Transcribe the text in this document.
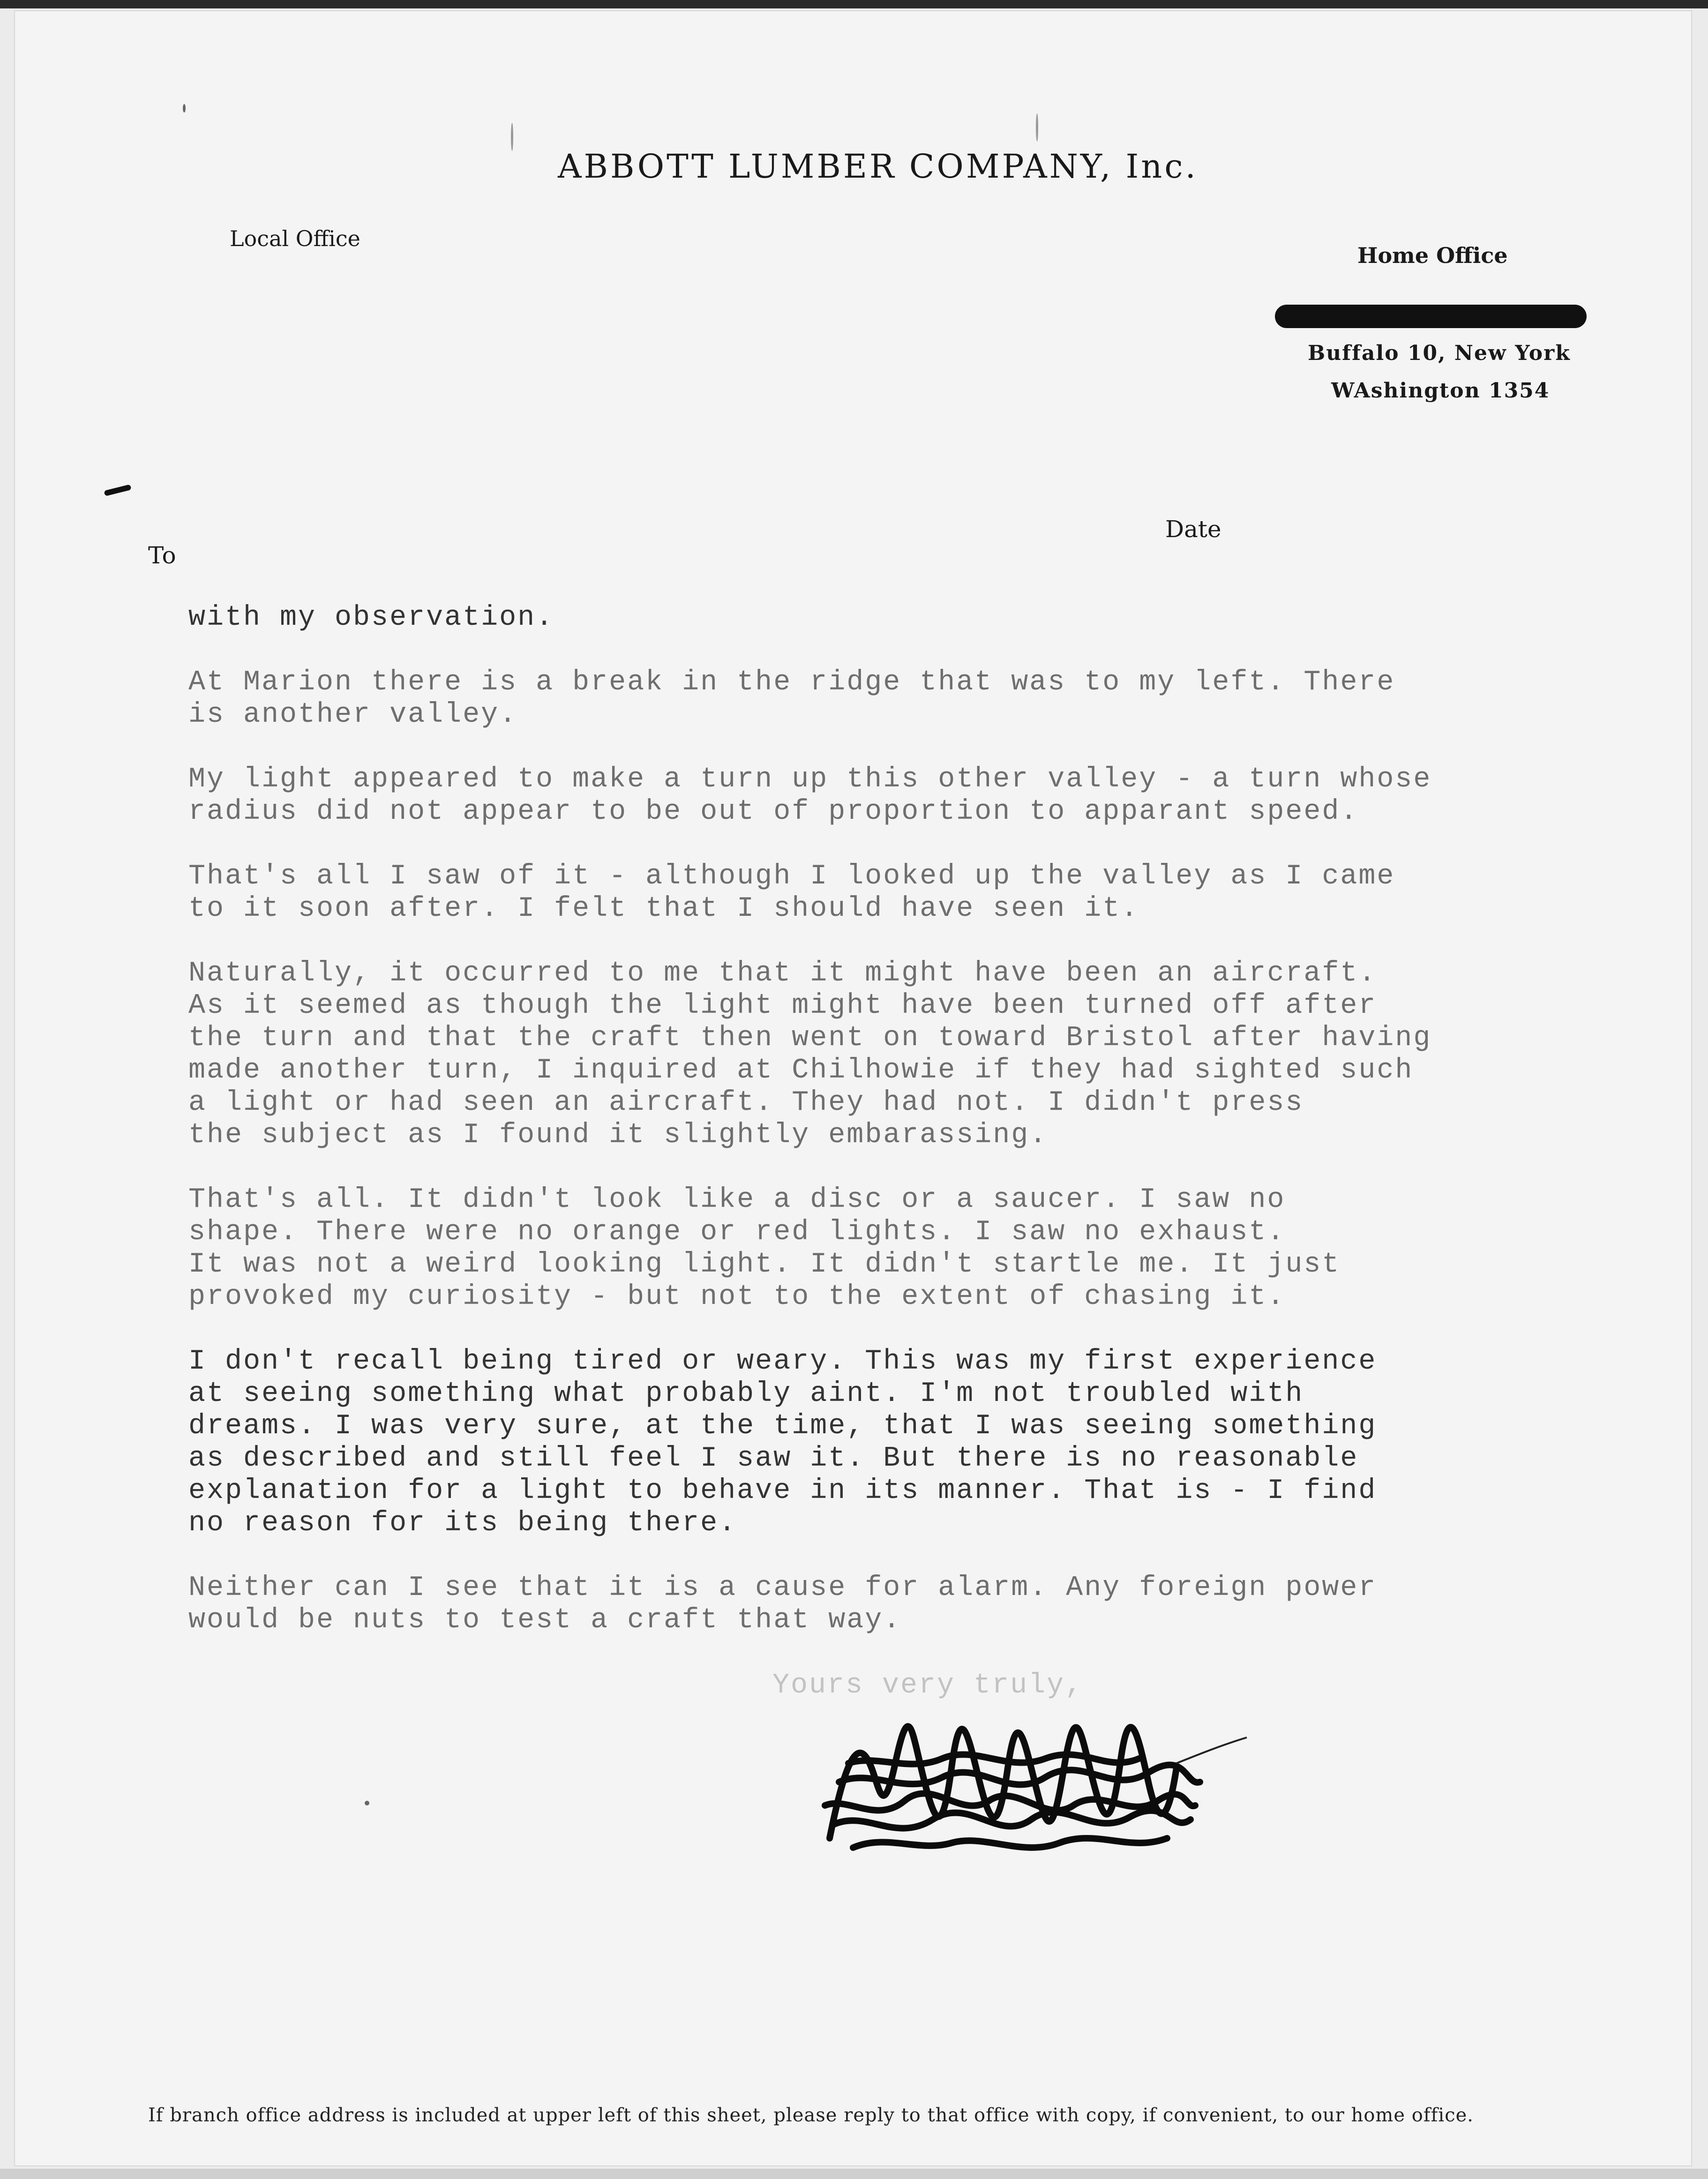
ABBOTT LUMBER COMPANY, Inc.
Local Office
Home Office
Buffalo 10, New York
WAshington 1354
Date
To

with my observation.

At Marion there is a break in the ridge that was to my left. There
is another valley.

My light appeared to make a turn up this other valley - a turn whose
radius did not appear to be out of proportion to apparant speed.

That's all I saw of it - although I looked up the valley as I came
to it soon after. I felt that I should have seen it.

Naturally, it occurred to me that it might have been an aircraft.
As it seemed as though the light might have been turned off after
the turn and that the craft then went on toward Bristol after having
made another turn, I inquired at Chilhowie if they had sighted such
a light or had seen an aircraft. They had not. I didn't press
the subject as I found it slightly embarassing.

That's all. It didn't look like a disc or a saucer. I saw no
shape. There were no orange or red lights. I saw no exhaust.
It was not a weird looking light. It didn't startle me. It just
provoked my curiosity - but not to the extent of chasing it.

I don't recall being tired or weary. This was my first experience
at seeing something what probably aint. I'm not troubled with
dreams. I was very sure, at the time, that I was seeing something
as described and still feel I saw it. But there is no reasonable
explanation for a light to behave in its manner. That is - I find
no reason for its being there.

Neither can I see that it is a cause for alarm. Any foreign power
would be nuts to test a craft that way.

Yours very truly,
If branch office address is included at upper left of this sheet, please reply to that office with copy, if convenient, to our home office.
